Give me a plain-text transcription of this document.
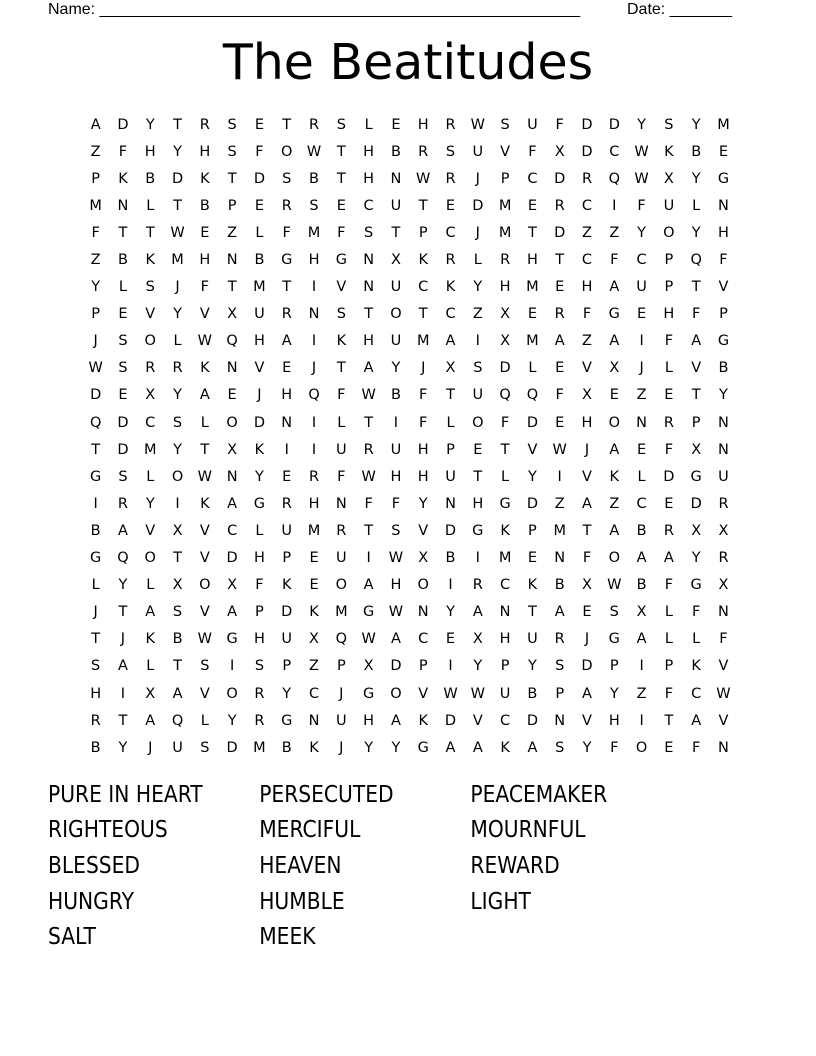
Name: ______________________________________________________

	Date: _______

The Beatitudes
A	D	Y	T	R	S	E	T	R	S	L	E	H	R	W	S	U	F	D	D	Y	S	Y	M
Z	F	H	Y	H	S	F	O W	T	H	B	R	S	U	V	F	X	D	C	W	K	B	E
P	K	B	D	K	T	D	S	B	T	H	N	W	R	J	P	C	D	R	Q W	X	Y	G
M	N	L	T	B	P	E	R	S	E	C	U	T	E	D	M	E	R	C	I	F	U	L	N
F	T	T	W	E	Z	L	F	M	F	S	T	P	C	J	M	T	D	Z	Z	Y	O	Y	H
Z	B	K	M	H	N	B	G	H	G	N	X	K	R	L	R	H	T	C	F	C	P	Q	F
Y	L	S	J	F	T	M	T	I	V	N	U	C	K	Y	H	M	E	H	A	U	P	T	V
P	E	V	Y	V	X	U	R	N	S	T	O	T	C	Z	X	E	R	F	G	E	H	F	P
J	S	O	L	W Q	H	A	I	K	H	U	M	A	I	X	M	A	Z	A	I	F	A	G
W	S	R	R	K	N	V	E	J	T	A	Y	J	X	S	D	L	E	V	X	J	L	V	B
D	E	X	Y	A	E	J	H	Q	F	W	B	F	T	U	Q	Q	F	X	E	Z	E	T	Y
Q	D	C	S	L	O	D	N	I	L	T	I	F	L	O	F	D	E	H	O	N	R	P	N
T	D	M	Y	T	X	K	I	I	U	R	U	H	P	E	T	V	W	J	A	E	F	X	N
G	S	L	O W	N	Y	E	R	F	W	H	H	U	T	L	Y	I	V	K	L	D	G	U
I	R	Y	I	K	A	G	R	H	N	F	F	Y	N	H	G	D	Z	A	Z	C	E	D	R
B	A	V	X	V	C	L	U	M	R	T	S	V	D	G	K	P	M	T	A	B	R	X	X
G	Q	O	T	V	D	H	P	E	U	I	W	X	B	I	M	E	N	F	O	A	A	Y	R
L	Y	L	X	O	X	F	K	E	O	A	H	O	I	R	C	K	B	X	W	B	F	G	X
J	T	A	S	V	A	P	D	K	M	G	W	N	Y	A	N	T	A	E	S	X	L	F	N
T	J	K	B	W	G	H	U	X	Q W	A	C	E	X	H	U	R	J	G	A	L	L	F
S	A	L	T	S	I	S	P	Z	P	X	D	P	I	Y	P	Y	S	D	P	I	P	K	V
H	I	X	A	V	O	R	Y	C	J	G	O	V	W W	U	B	P	A	Y	Z	F	C	W
R	T	A	Q	L	Y	R	G	N	U	H	A	K	D	V	C	D	N	V	H	I	T	A	V
B	Y	J	U	S	D	M	B	K	J	Y	Y	G	A	A	K	A	S	Y	F	O	E	F	N
PURE IN HEART	PERSECUTED	PEACEMAKER
RIGHTEOUS	MERCIFUL	MOURNFUL
BLESSED	HEAVEN	REWARD
HUNGRY	HUMBLE	LIGHT
SALT	MEEK
